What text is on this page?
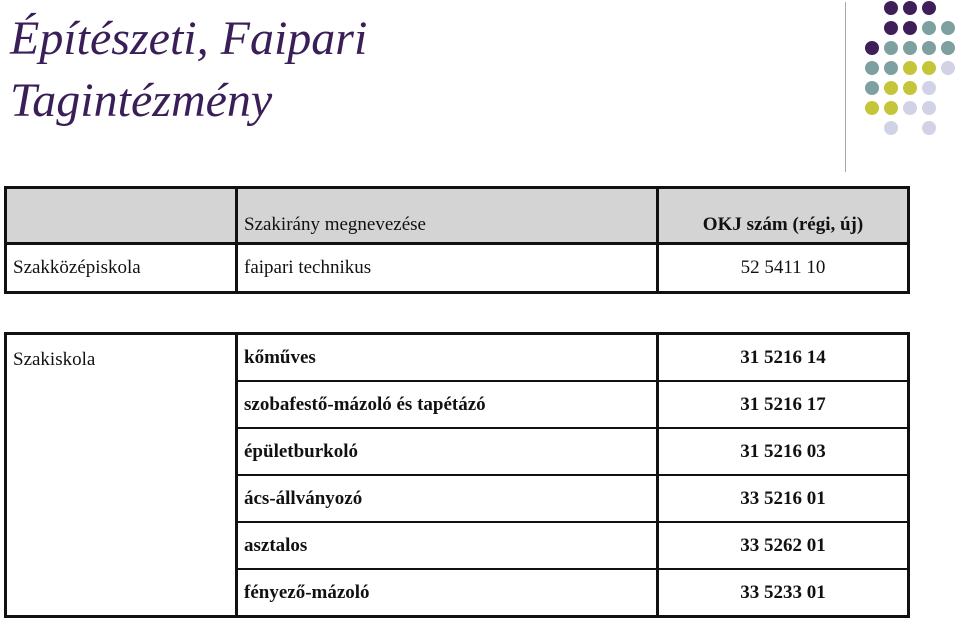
Építészeti, Faipari
Tagintézmény
	Szakirány megnevezése	OKJ szám (régi, új)
Szakközépiskola	faipari technikus	52 5411 10
Szakiskola	kőműves	31 5216 14
	szobafestő-mázoló és tapétázó	31 5216 17
	épületburkoló	31 5216 03
	ács-állványozó	33 5216 01
	asztalos	33 5262 01
	fényező-mázoló	33 5233 01
